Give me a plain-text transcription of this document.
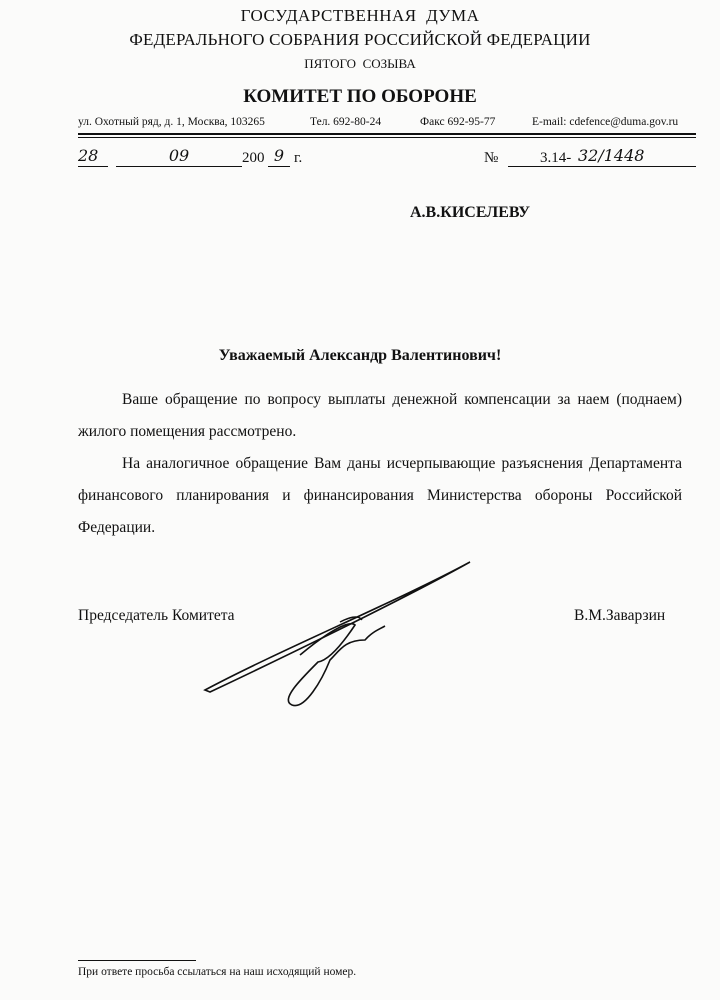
ГОСУДАРСТВЕННАЯ  ДУМА
ФЕДЕРАЛЬНОГО СОБРАНИЯ РОССИЙСКОЙ ФЕДЕРАЦИИ
ПЯТОГО  СОЗЫВА
КОМИТЕТ ПО ОБОРОНЕ
ул. Охотный ряд, д. 1, Москва, 103265	Тел. 692-80-24	Факс 692-95-77	E-mail: cdefence@duma.gov.ru
28	09	200 9 г.	№	3.14- 32/1448
А.В.КИСЕЛЕВУ
Уважаемый Александр Валентинович!
Ваше обращение по вопросу выплаты денежной компенсации за наем (поднаем) жилого помещения рассмотрено.
На аналогичное обращение Вам даны исчерпывающие разъяснения Департамента финансового планирования и финансирования Министерства обороны Российской Федерации.
Председатель Комитета	В.М.Заварзин
При ответе просьба ссылаться на наш исходящий номер.
